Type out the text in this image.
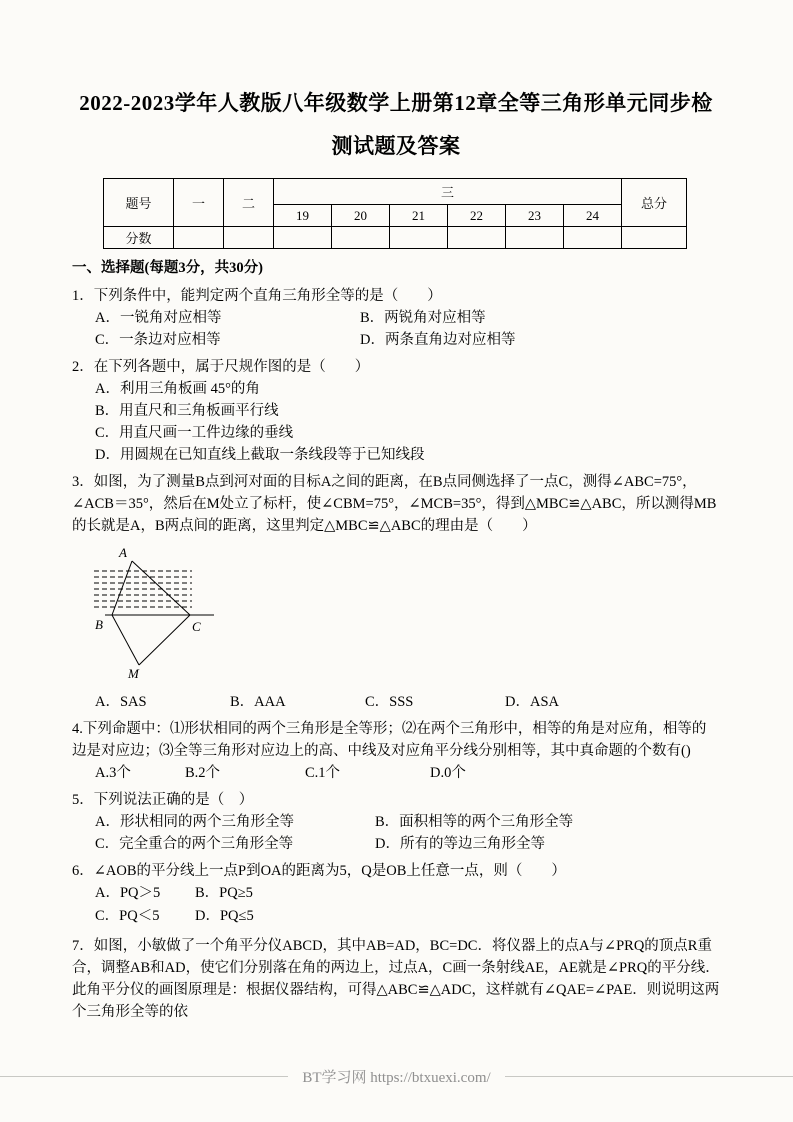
2022-2023学年人教版八年级数学上册第12章全等三角形单元同步检测试题及答案
题号	一	二	三						总分
			19	20	21	22	23	24	
分数									
一、选择题(每题3分，共30分)
1．下列条件中，能判定两个直角三角形全等的是（　　）
A．一锐角对应相等	B．两锐角对应相等
C．一条边对应相等	D．两条直角边对应相等
2．在下列各题中，属于尺规作图的是（　　）
A．利用三角板画 45°的角
B．用直尺和三角板画平行线
C．用直尺画一工件边缘的垂线
D．用圆规在已知直线上截取一条线段等于已知线段
3．如图，为了测量B点到河对面的目标A之间的距离，在B点同侧选择了一点C，测得∠ABC=75°，∠ACB＝35°，然后在M处立了标杆，使∠CBM=75°，∠MCB=35°，得到△MBC≌△ABC，所以测得MB的长就是A，B两点间的距离，这里判定△MBC≌△ABC的理由是（　　）
A
B	C
M
A．SAS	B．AAA	C．SSS	D．ASA
4.下列命题中：⑴形状相同的两个三角形是全等形；⑵在两个三角形中，相等的角是对应角，相等的边是对应边；⑶全等三角形对应边上的高、中线及对应角平分线分别相等，其中真命题的个数有()
A.3个	B.2个	C.1个	D.0个
5．下列说法正确的是（　）
A．形状相同的两个三角形全等	B．面积相等的两个三角形全等
C．完全重合的两个三角形全等	D．所有的等边三角形全等
6．∠AOB的平分线上一点P到OA的距离为5，Q是OB上任意一点，则（　　）
A．PQ＞5	B．PQ≥5
C．PQ＜5	D．PQ≤5
7．如图，小敏做了一个角平分仪ABCD，其中AB=AD，BC=DC．将仪器上的点A与∠PRQ的顶点R重合，调整AB和AD，使它们分别落在角的两边上，过点A，C画一条射线AE，AE就是∠PRQ的平分线．此角平分仪的画图原理是：根据仪器结构，可得△ABC≌△ADC，这样就有∠QAE=∠PAE．则说明这两个三角形全等的依
BT学习网 https://btxuexi.com/
